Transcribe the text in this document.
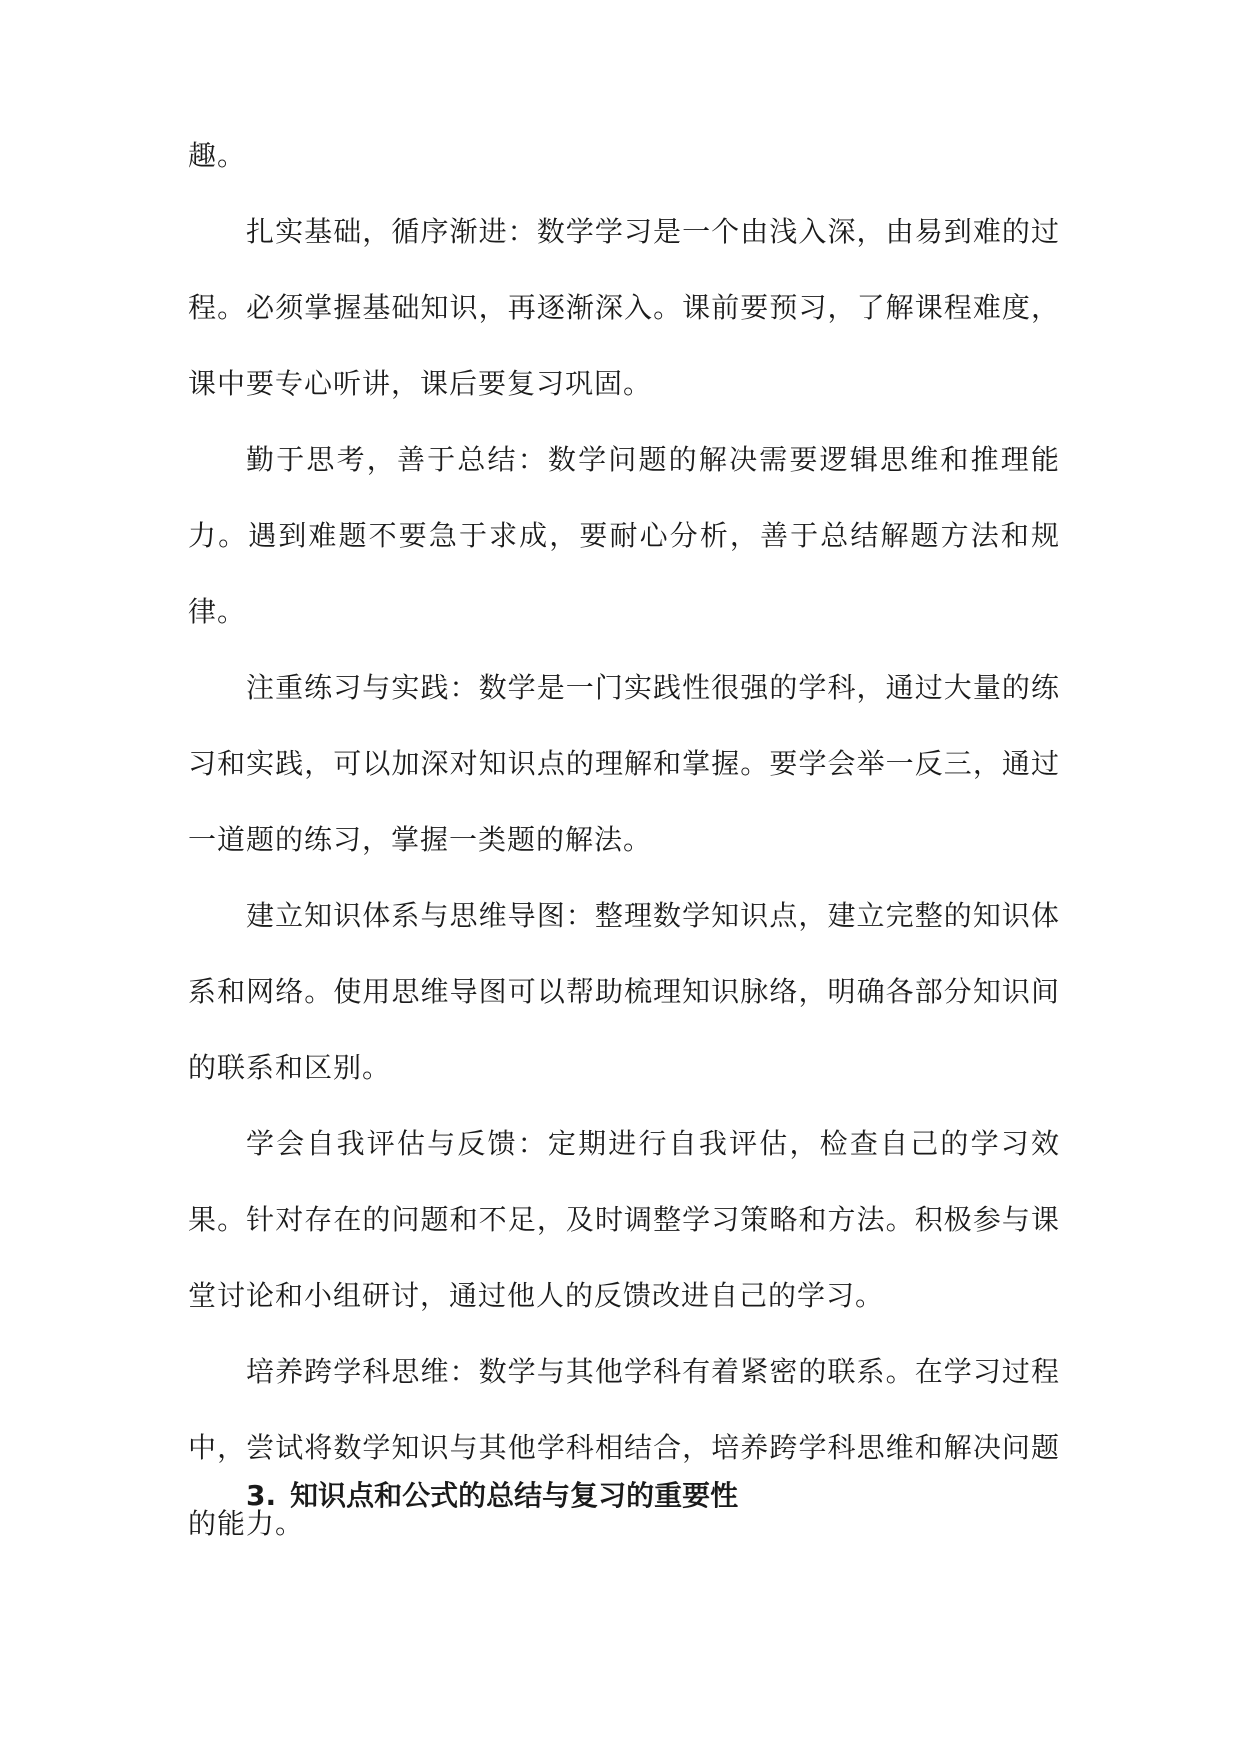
趣。

扎实基础，循序渐进：数学学习是一个由浅入深，由易到难的过程。必须掌握基础知识，再逐渐深入。课前要预习，了解课程难度，课中要专心听讲，课后要复习巩固。

勤于思考，善于总结：数学问题的解决需要逻辑思维和推理能力。遇到难题不要急于求成，要耐心分析，善于总结解题方法和规律。

注重练习与实践：数学是一门实践性很强的学科，通过大量的练习和实践，可以加深对知识点的理解和掌握。要学会举一反三，通过一道题的练习，掌握一类题的解法。

建立知识体系与思维导图：整理数学知识点，建立完整的知识体系和网络。使用思维导图可以帮助梳理知识脉络，明确各部分知识间的联系和区别。

学会自我评估与反馈：定期进行自我评估，检查自己的学习效果。针对存在的问题和不足，及时调整学习策略和方法。积极参与课堂讨论和小组研讨，通过他人的反馈改进自己的学习。

培养跨学科思维：数学与其他学科有着紧密的联系。在学习过程中，尝试将数学知识与其他学科相结合，培养跨学科思维和解决问题的能力。

3. 知识点和公式的总结与复习的重要性
